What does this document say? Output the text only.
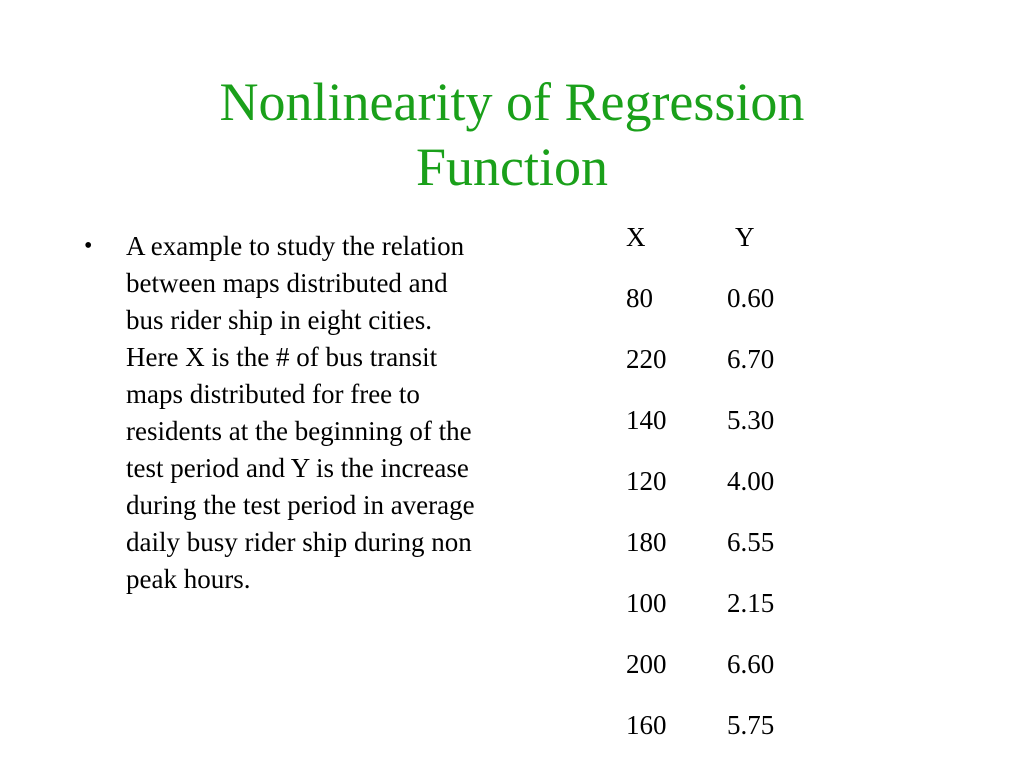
Nonlinearity of Regression
Function
•	A example to study the relation between maps distributed and bus rider ship in eight cities. Here X is the # of bus transit maps distributed for free to residents at the beginning of the test period and Y is the increase during the test period in average daily busy rider ship during non peak hours.
X	Y
80	0.60
220	6.70
140	5.30
120	4.00
180	6.55
100	2.15
200	6.60
160	5.75
